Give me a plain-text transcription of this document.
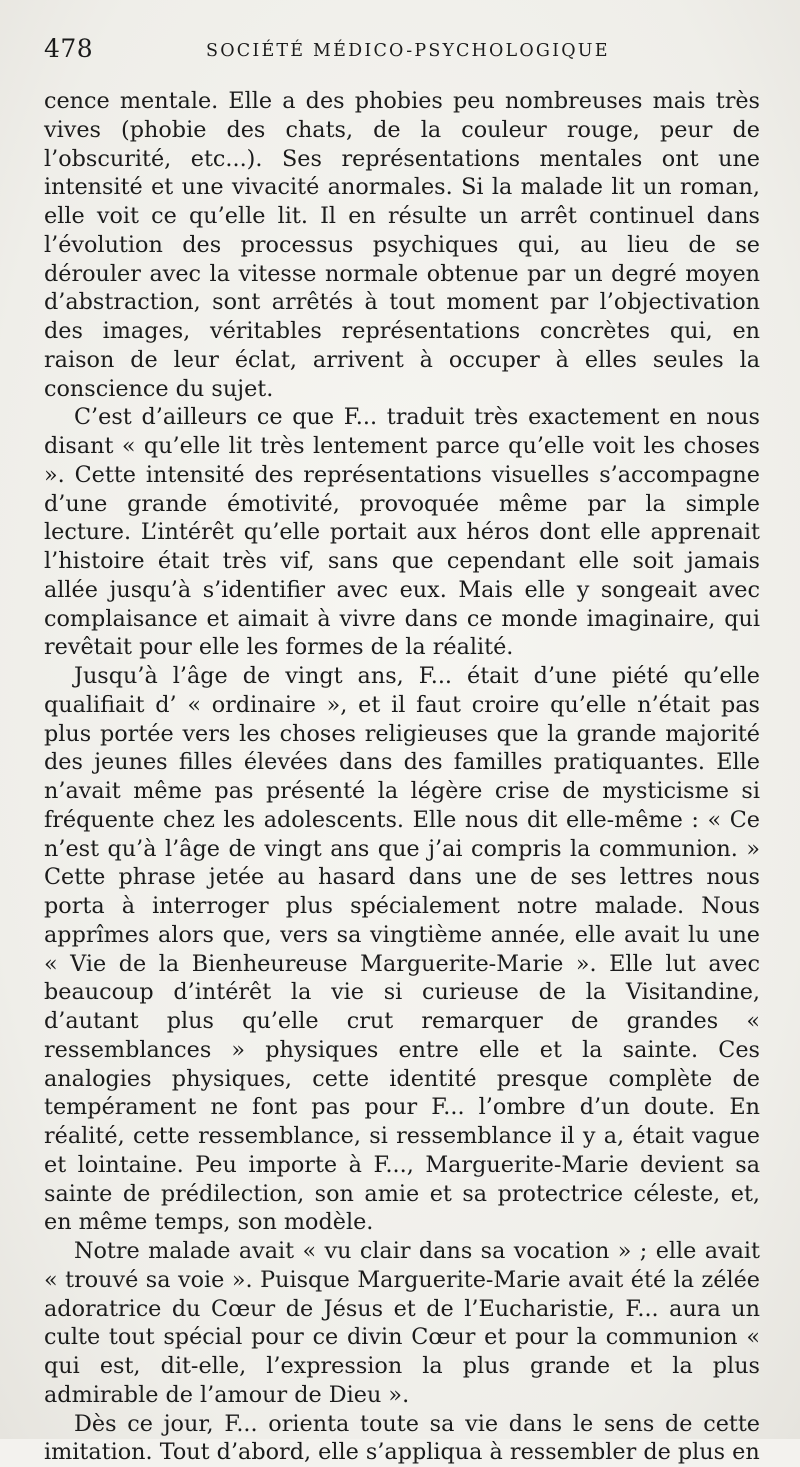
478	SOCIÉTÉ MÉDICO-PSYCHOLOGIQUE

cence mentale. Elle a des phobies peu nombreuses mais très vives (phobie des chats, de la couleur rouge, peur de l’obscurité, etc...). Ses représentations mentales ont une intensité et une vivacité anormales. Si la malade lit un roman, elle voit ce qu’elle lit. Il en résulte un arrêt continuel dans l’évolution des processus psychiques qui, au lieu de se dérouler avec la vitesse normale obtenue par un degré moyen d’abstraction, sont arrêtés à tout moment par l’objectivation des images, véritables représentations concrètes qui, en raison de leur éclat, arrivent à occuper à elles seules la conscience du sujet.

C’est d’ailleurs ce que F... traduit très exactement en nous disant « qu’elle lit très lentement parce qu’elle voit les choses ». Cette intensité des représentations visuelles s’accompagne d’une grande émotivité, provoquée même par la simple lecture. L’intérêt qu’elle portait aux héros dont elle apprenait l’histoire était très vif, sans que cependant elle soit jamais allée jusqu’à s’identifier avec eux. Mais elle y songeait avec complaisance et aimait à vivre dans ce monde imaginaire, qui revêtait pour elle les formes de la réalité.

Jusqu’à l’âge de vingt ans, F... était d’une piété qu’elle qualifiait d’ « ordinaire », et il faut croire qu’elle n’était pas plus portée vers les choses religieuses que la grande majorité des jeunes filles élevées dans des familles pratiquantes. Elle n’avait même pas présenté la légère crise de mysticisme si fréquente chez les adolescents. Elle nous dit elle-même : « Ce n’est qu’à l’âge de vingt ans que j’ai compris la communion. » Cette phrase jetée au hasard dans une de ses lettres nous porta à interroger plus spécialement notre malade. Nous apprîmes alors que, vers sa vingtième année, elle avait lu une « Vie de la Bienheureuse Marguerite-Marie ». Elle lut avec beaucoup d’intérêt la vie si curieuse de la Visitandine, d’autant plus qu’elle crut remarquer de grandes « ressemblances » physiques entre elle et la sainte. Ces analogies physiques, cette identité presque complète de tempérament ne font pas pour F... l’ombre d’un doute. En réalité, cette ressemblance, si ressemblance il y a, était vague et lointaine. Peu importe à F..., Marguerite-Marie devient sa sainte de prédilection, son amie et sa protectrice céleste, et, en même temps, son modèle.

Notre malade avait « vu clair dans sa vocation » ; elle avait « trouvé sa voie ». Puisque Marguerite-Marie avait été la zélée adoratrice du Cœur de Jésus et de l’Eucharistie, F... aura un culte tout spécial pour ce divin Cœur et pour la communion « qui est, dit-elle, l’expression la plus grande et la plus admirable de l’amour de Dieu ».

Dès ce jour, F... orienta toute sa vie dans le sens de cette imitation. Tout d’abord, elle s’appliqua à ressembler de plus en
